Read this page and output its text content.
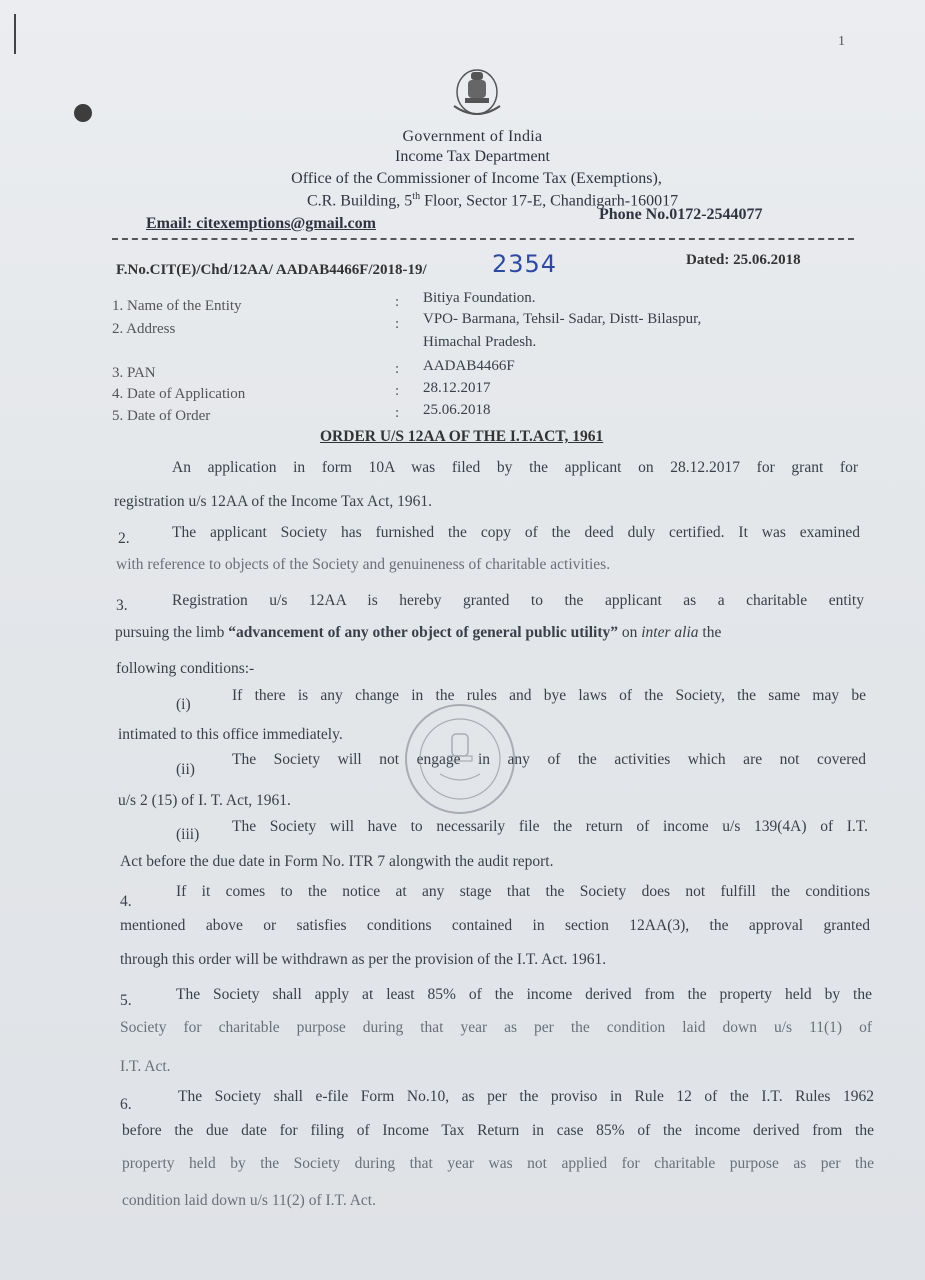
1
Government of India
Income Tax Department
Office of the Commissioner of Income Tax (Exemptions),
C.R. Building, 5th Floor, Sector 17-E, Chandigarh-160017
Email: citexemptions@gmail.com
Phone No.0172-2544077
F.No.CIT(E)/Chd/12AA/ AADAB4466F/2018-19/	2354	Dated: 25.06.2018
1. Name of the Entity	: Bitiya Foundation.
2. Address	: VPO- Barmana, Tehsil- Sadar, Distt- Bilaspur,
Himachal Pradesh.
3. PAN	: AADAB4466F
4. Date of Application	: 28.12.2017
5. Date of Order	: 25.06.2018
ORDER U/S 12AA OF THE I.T.ACT, 1961
An application in form 10A was filed by the applicant on 28.12.2017 for grant for
registration u/s 12AA of the Income Tax Act, 1961.
2.	The applicant Society has furnished the copy of the deed duly certified. It was examined
with reference to objects of the Society and genuineness of charitable activities.
3.	Registration u/s 12AA is hereby granted to the applicant as a charitable entity
pursuing the limb “advancement of any other object of general public utility” on inter alia the
following conditions:-
(i)
If there is any change in the rules and bye laws of the Society, the same may be
intimated to this office immediately.
(ii)
The Society will not engage in any of the activities which are not covered
u/s 2 (15) of I. T. Act, 1961.
(iii)	The Society will have to necessarily file the return of income u/s 139(4A) of I.T.
Act before the due date in Form No. ITR 7 alongwith the audit report.
4.
If it comes to the notice at any stage that the Society does not fulfill the conditions
mentioned above or satisfies conditions contained in section 12AA(3), the approval granted
through this order will be withdrawn as per the provision of the I.T. Act. 1961.
5.	The Society shall apply at least 85% of the income derived from the property held by the
Society for charitable purpose during that year as per the condition laid down u/s 11(1) of
I.T. Act.
6.	The Society shall e-file Form No.10, as per the proviso in Rule 12 of the I.T. Rules 1962
before the due date for filing of Income Tax Return in case 85% of the income derived from the
property held by the Society during that year was not applied for charitable purpose as per the
condition laid down u/s 11(2) of I.T. Act.
